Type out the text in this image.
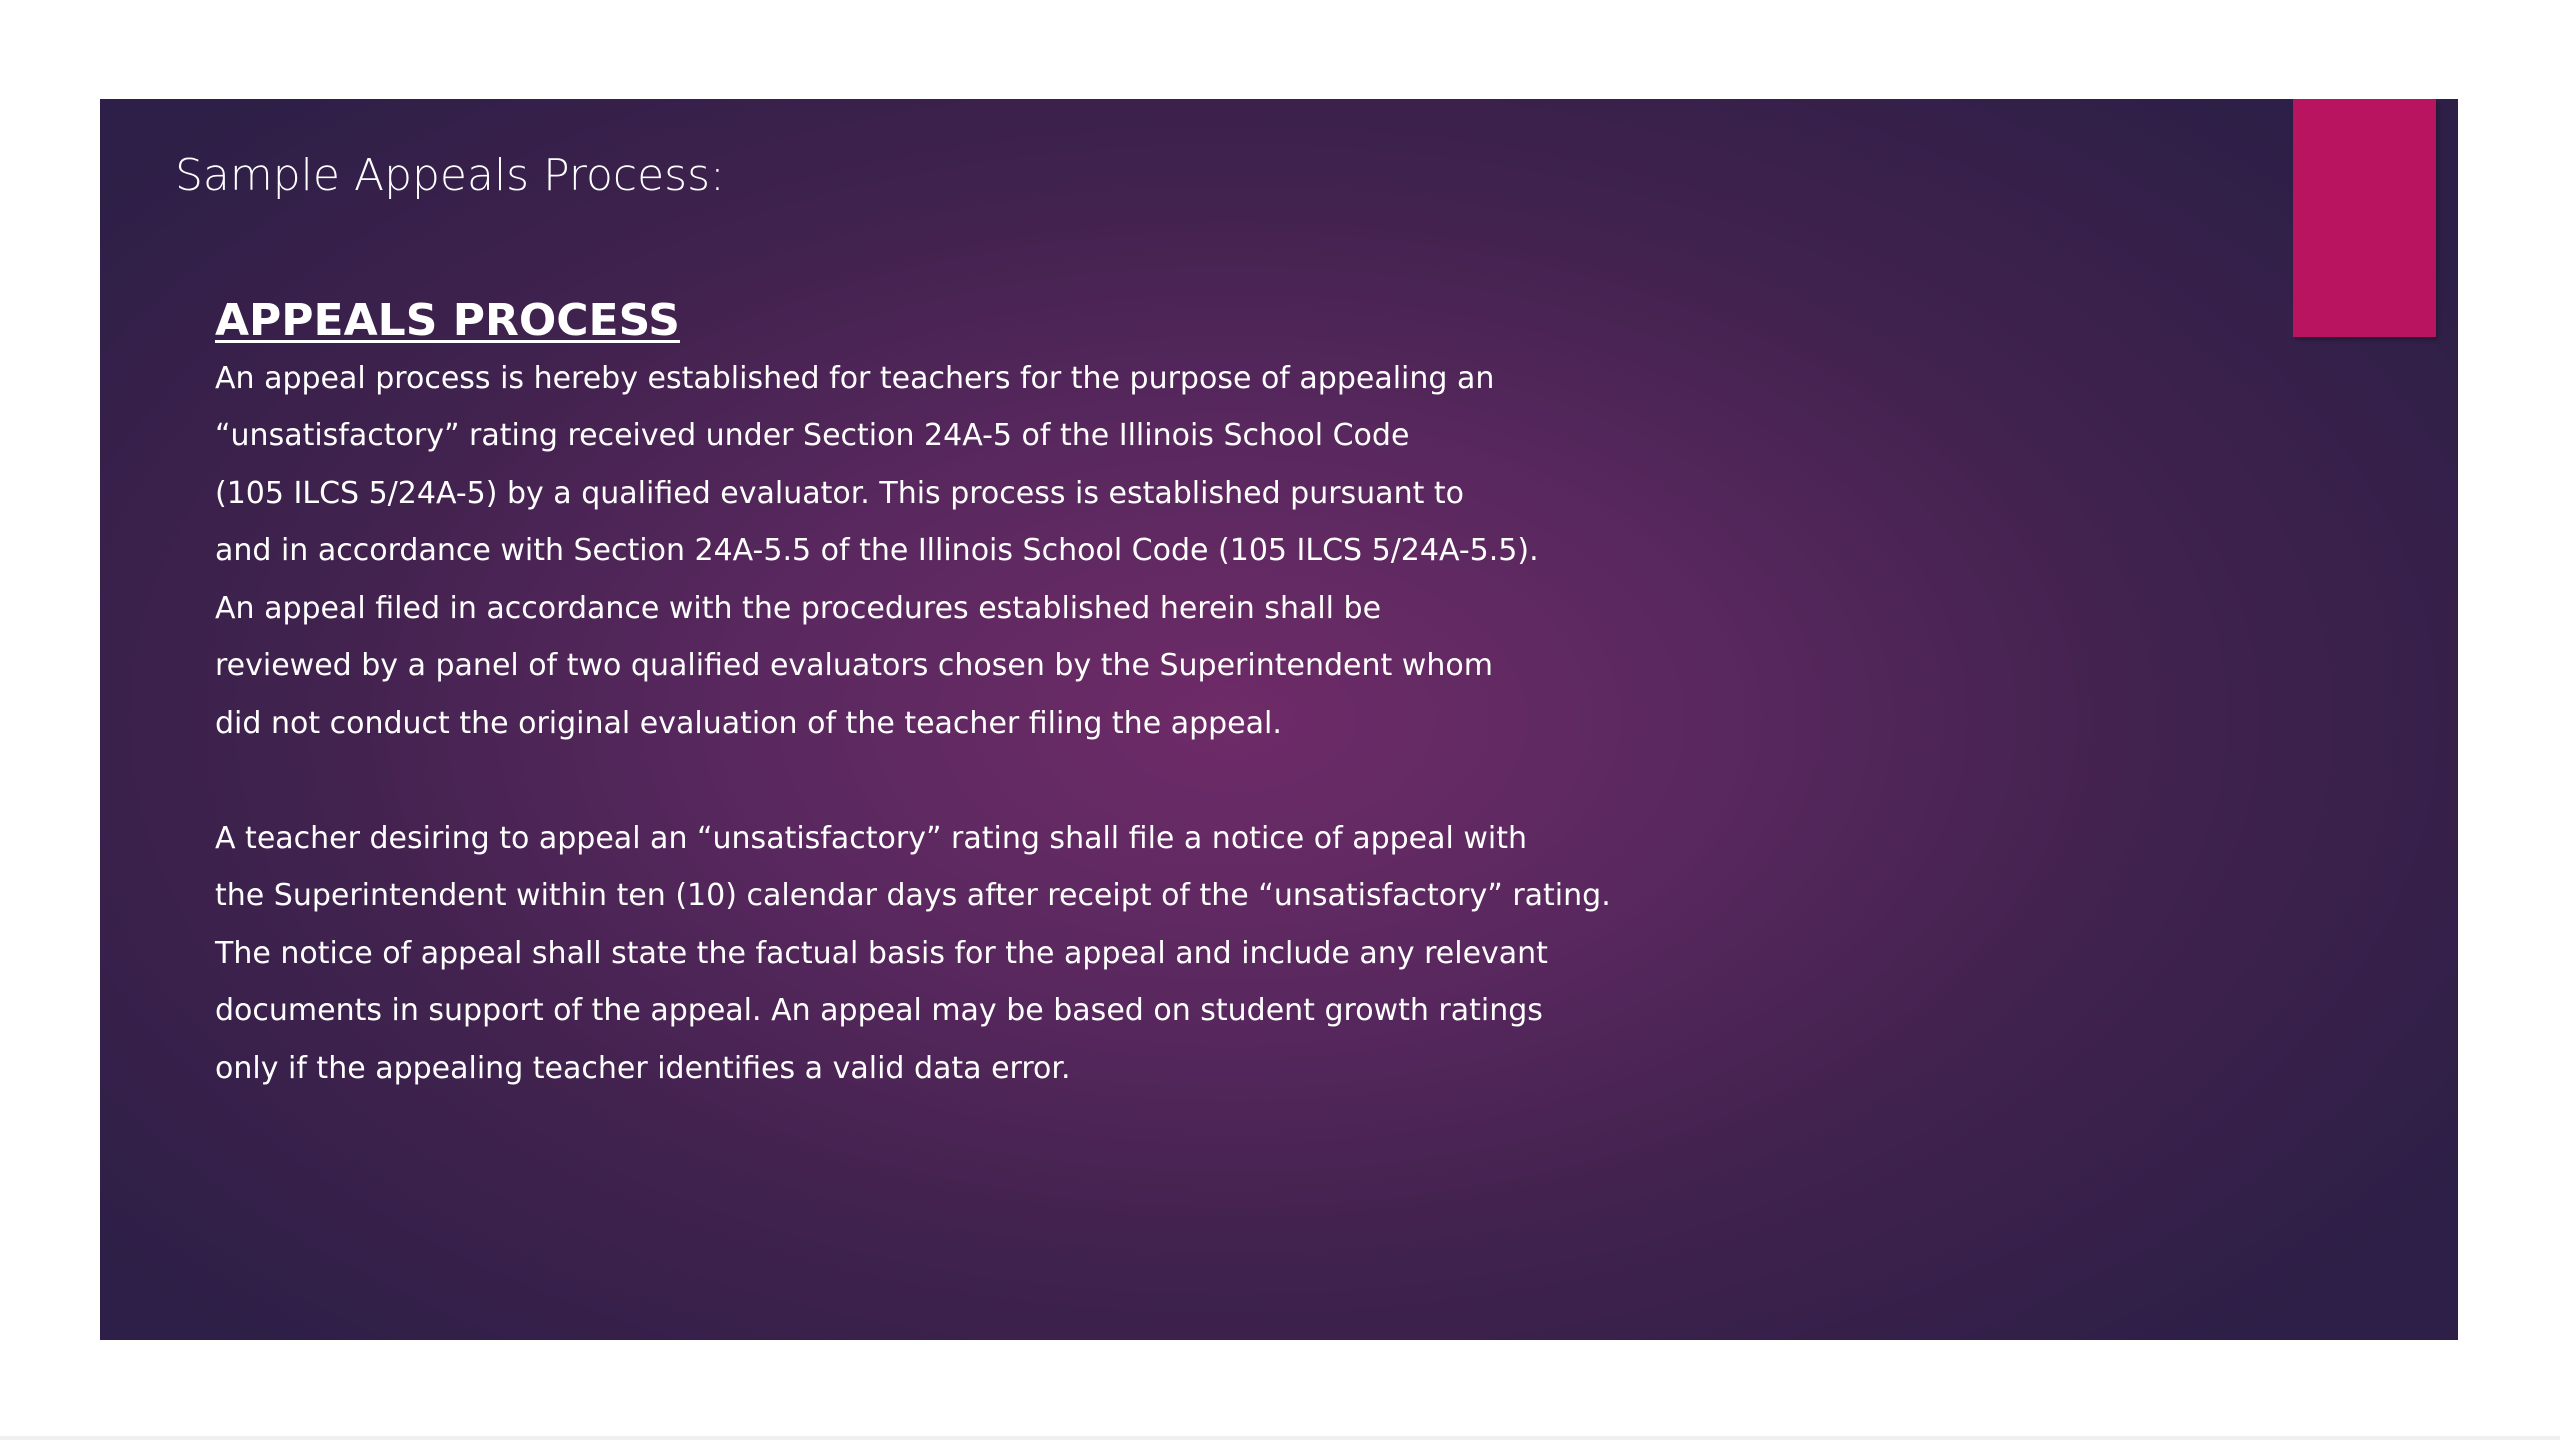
Sample Appeals Process:
APPEALS PROCESS
An appeal process is hereby established for teachers for the purpose of appealing an
“unsatisfactory” rating received under Section 24A-5 of the Illinois School Code
(105 ILCS 5/24A-5) by a qualified evaluator. This process is established pursuant to
and in accordance with Section 24A-5.5 of the Illinois School Code (105 ILCS 5/24A-5.5).
An appeal filed in accordance with the procedures established herein shall be
reviewed by a panel of two qualified evaluators chosen by the Superintendent whom
did not conduct the original evaluation of the teacher filing the appeal.
A teacher desiring to appeal an “unsatisfactory” rating shall file a notice of appeal with
the Superintendent within ten (10) calendar days after receipt of the “unsatisfactory” rating.
The notice of appeal shall state the factual basis for the appeal and include any relevant
documents in support of the appeal. An appeal may be based on student growth ratings
only if the appealing teacher identifies a valid data error.
